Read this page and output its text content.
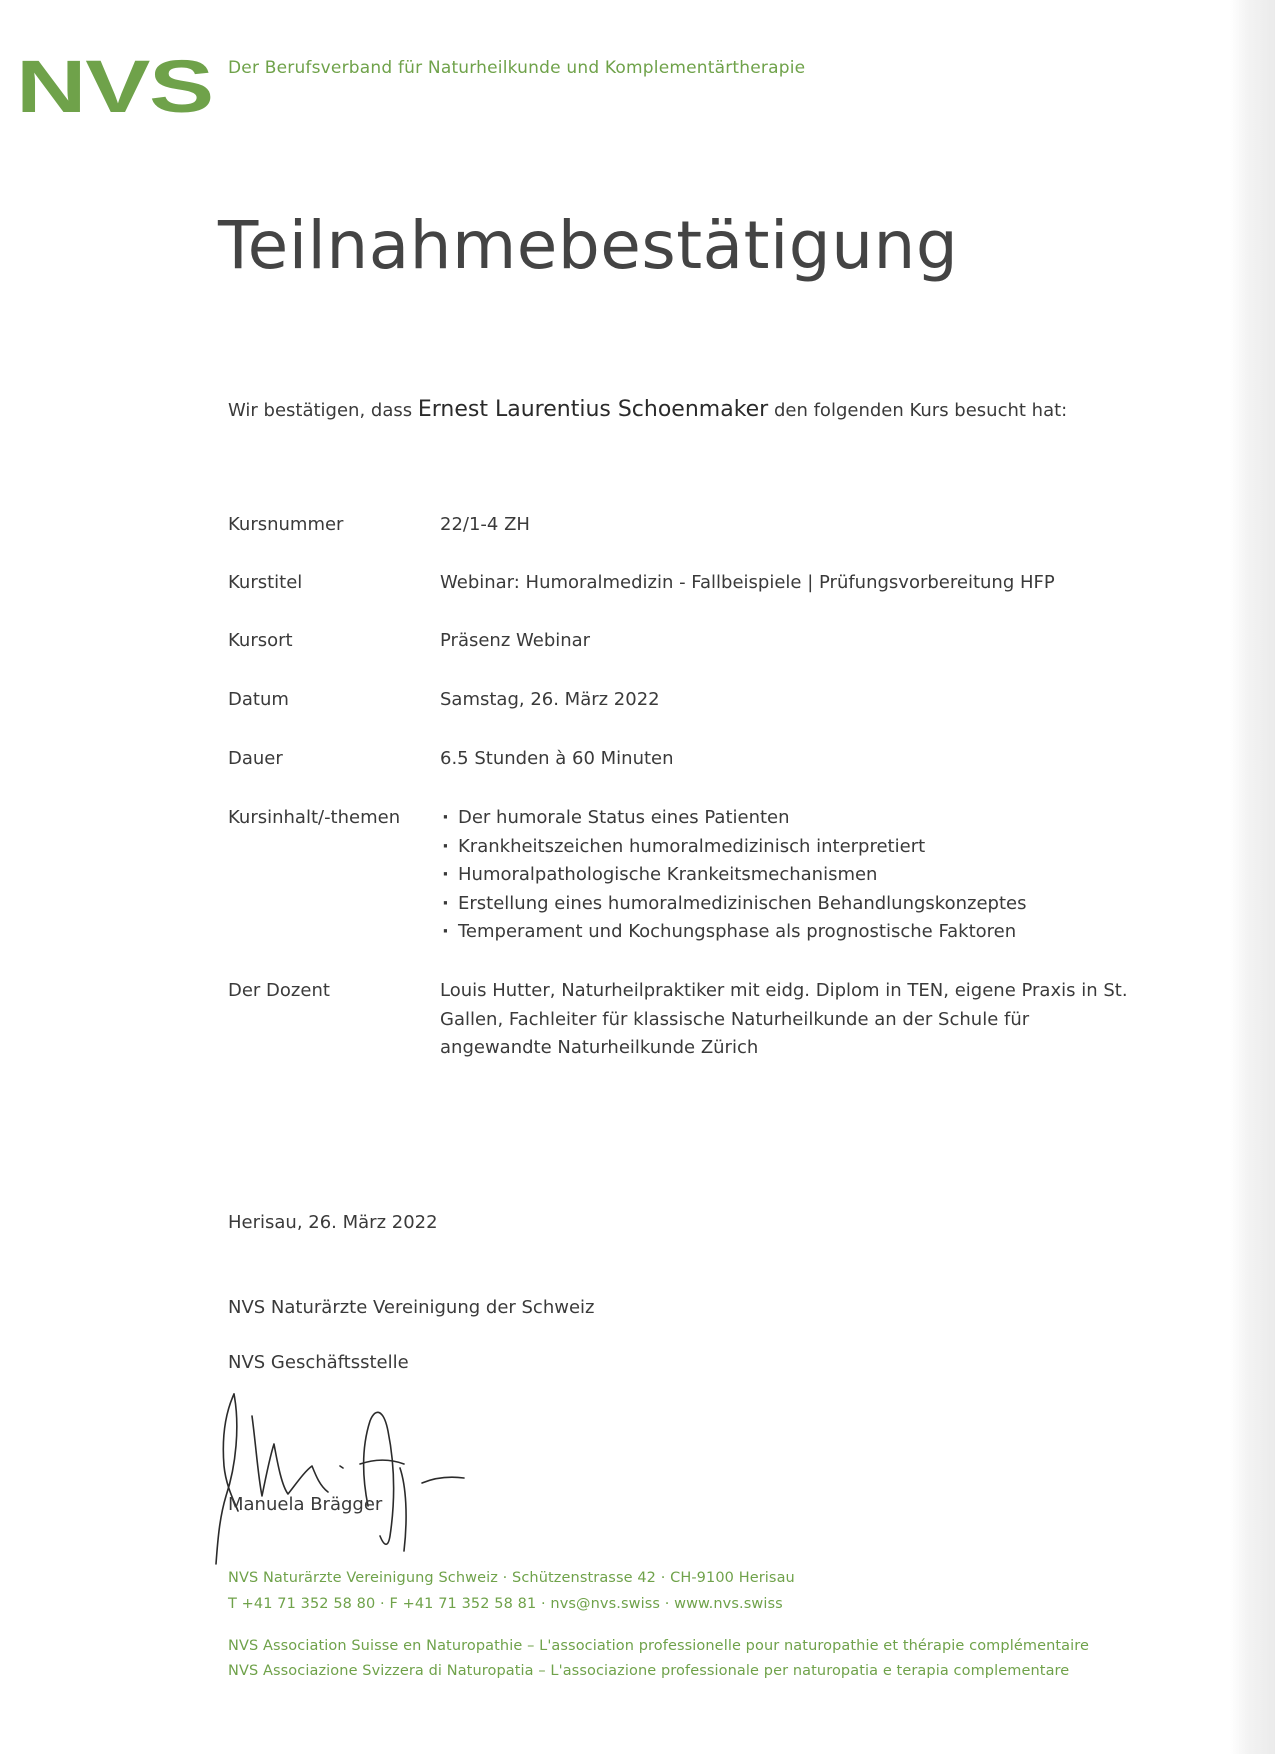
NVS Der Berufsverband für Naturheilkunde und Komplementärtherapie
Teilnahmebestätigung
Wir bestätigen, dass Ernest Laurentius Schoenmaker den folgenden Kurs besucht hat:
Kursnummer	22/1-4 ZH
Kurstitel	Webinar: Humoralmedizin - Fallbeispiele | Prüfungsvorbereitung HFP
Kursort	Präsenz Webinar
Datum	Samstag, 26. März 2022
Dauer	6.5 Stunden à 60 Minuten
Kursinhalt/-themen
·	Der humorale Status eines Patienten
· Krankheitszeichen humoralmedizinisch interpretiert
· Humoralpathologische Krankeitsmechanismen
· Erstellung eines humoralmedizinischen Behandlungskonzeptes
· Temperament und Kochungsphase als prognostische Faktoren
Der Dozent	Louis Hutter, Naturheilpraktiker mit eidg. Diplom in TEN, eigene Praxis in St. Gallen, Fachleiter für klassische Naturheilkunde an der Schule für angewandte Naturheilkunde Zürich
Herisau, 26. März 2022
NVS Naturärzte Vereinigung der Schweiz
NVS Geschäftsstelle
Manuela Brägger
NVS Naturärzte Vereinigung Schweiz · Schützenstrasse 42 · CH-9100 Herisau
T +41 71 352 58 80 · F +41 71 352 58 81 · nvs@nvs.swiss · www.nvs.swiss
NVS Association Suisse en Naturopathie – L'association professionelle pour naturopathie et thérapie complémentaire
NVS Associazione Svizzera di Naturopatia – L'associazione professionale per naturopatia e terapia complementare
